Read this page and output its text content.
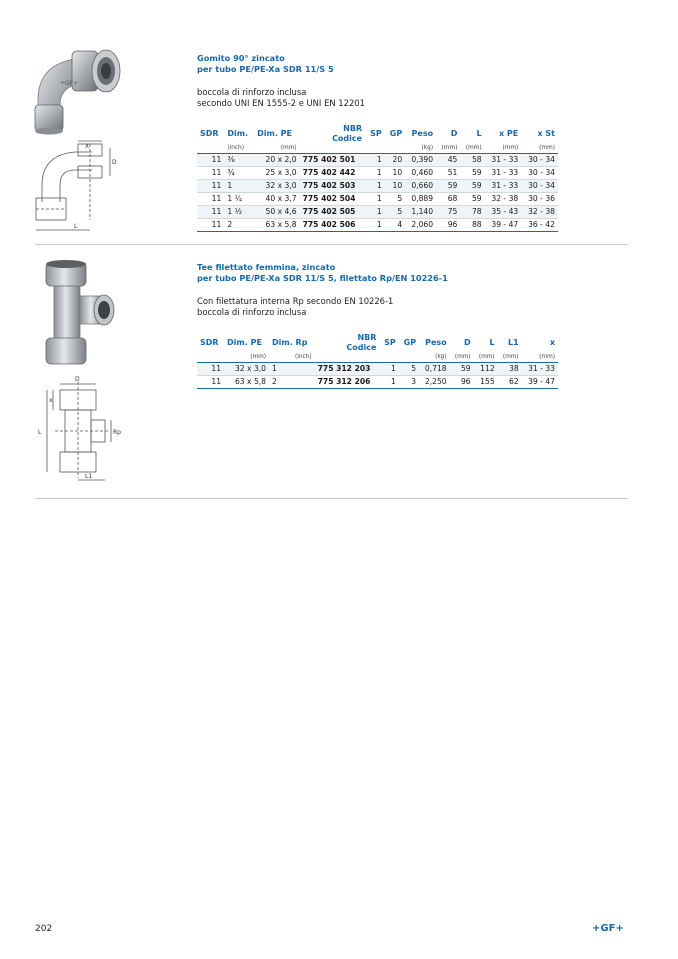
+GF+
X
D
L
Gomito 90° zincato
per tubo PE/PE-Xa SDR 11/S 5
boccola di rinforzo inclusa
secondo UNI EN 1555-2 e UNI EN 12201
SDR	Dim.	Dim. PE	NBR
Codice	SP	GP	Peso	D	L	x PE	x St
	(inch)	(mm)				(kg)	(mm)	(mm)	(mm)	(mm)
11	⅜	20 x 2,0	775 402 501	1	20	0,390	45	58	31 - 33	30 - 34
11	¾	25 x 3,0	775 402 442	1	10	0,460	51	59	31 - 33	30 - 34
11	1	32 x 3,0	775 402 503	1	10	0,660	59	59	31 - 33	30 - 34
11	1 ¼	40 x 3,7	775 402 504	1	5	0,889	68	59	32 - 38	30 - 36
11	1 ½	50 x 4,6	775 402 505	1	5	1,140	75	78	35 - 43	32 - 38
11	2	63 x 5,8	775 402 506	1	4	2,060	96	88	39 - 47	36 - 42
D
x
L	Rp
L1
Tee filettato femmina, zincato
per tubo PE/PE-Xa SDR 11/S 5, filettato Rp/EN 10226-1
Con filettatura interna Rp secondo EN 10226-1
boccola di rinforzo inclusa
SDR	Dim. PE	Dim. Rp	NBR
Codice	SP	GP	Peso	D	L	L1	x
	(mm)	(inch)				(kg)	(mm)	(mm)	(mm)	(mm)
11	32 x 3,0	1	775 312 203	1	5	0,718	59	112	38	31 - 33
11	63 x 5,8	2	775 312 206	1	3	2,250	96	155	62	39 - 47
202	+GF+
